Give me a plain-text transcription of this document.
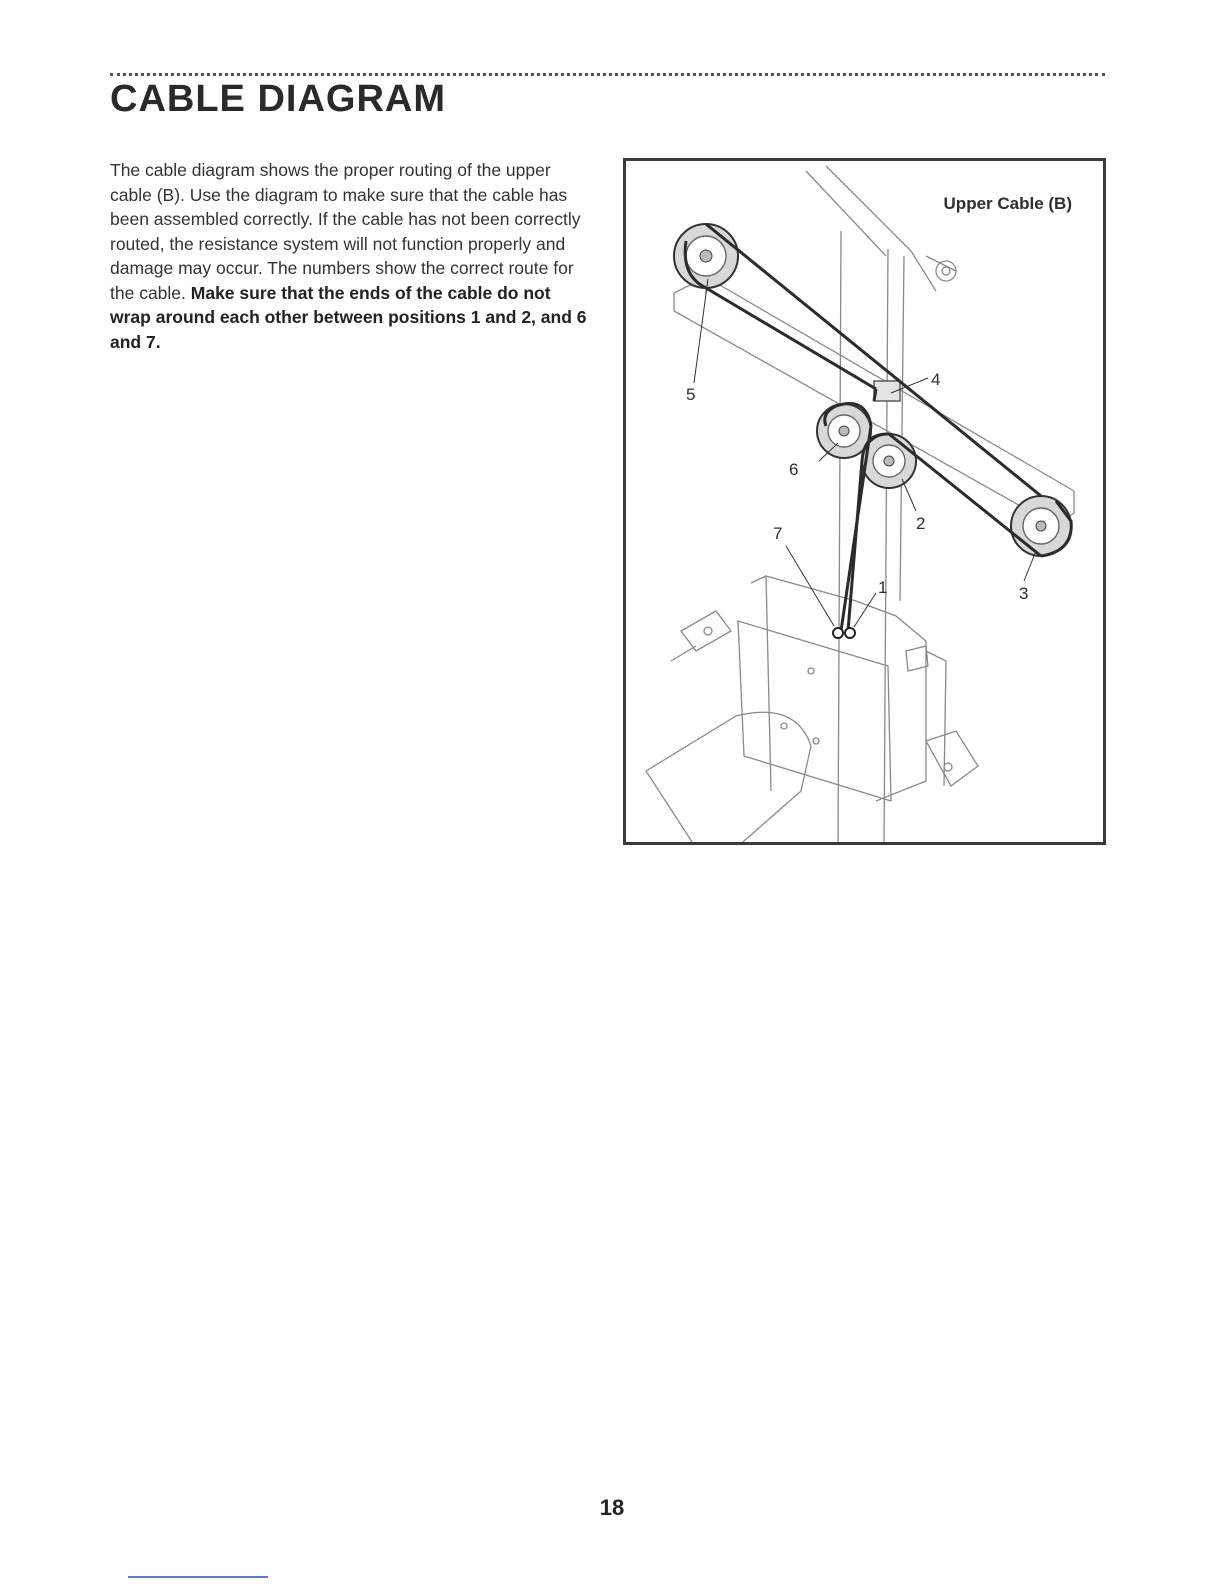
CABLE DIAGRAM

The cable diagram shows the proper routing of the upper cable (B). Use the diagram to make sure that the cable has been assembled correctly. If the cable has not been correctly routed, the resistance system will not function properly and damage may occur. The numbers show the correct route for the cable. Make sure that the ends of the cable do not wrap around each other between positions 1 and 2, and 6 and 7.

Upper Cable (B)
5
4
6
2
7
1	3
18
